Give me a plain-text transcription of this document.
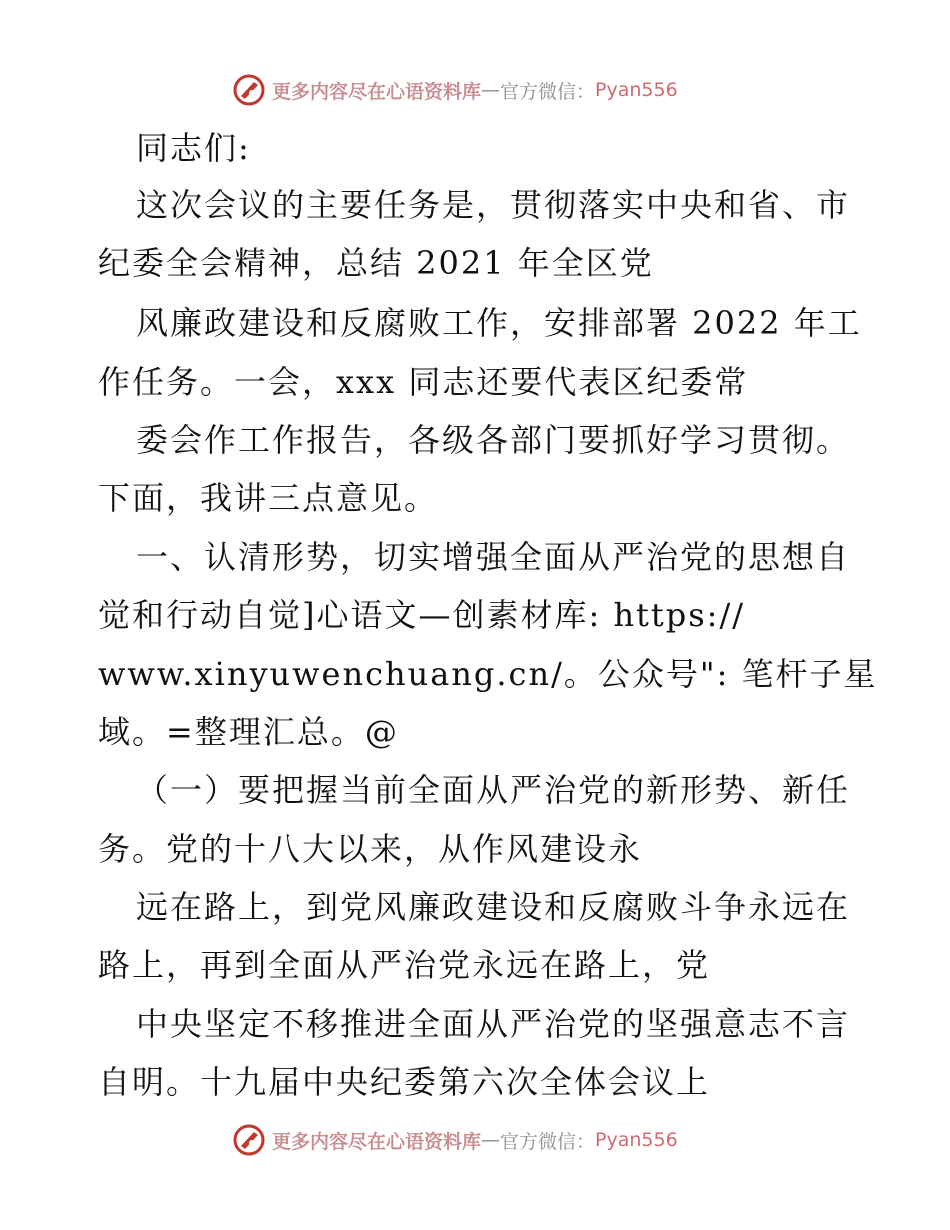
更多内容尽在心语资料库 — 官方微信： Pyan556
同志们:
这次会议的主要任务是，贯彻落实中央和省、市
纪委全会精神，总结 2021 年全区党
风廉政建设和反腐败工作，安排部署 2022 年工
作任务。一会，xxx 同志还要代表区纪委常
委会作工作报告，各级各部门要抓好学习贯彻。
下面，我讲三点意见。
一、认清形势，切实增强全面从严治党的思想自
觉和行动自觉]心语文—创素材库: https://
www.xinyuwenchuang.cn/。公众号": 笔杆子星
域。=整理汇总。@
（一）要把握当前全面从严治党的新形势、新任
务。党的十八大以来，从作风建设永
远在路上，到党风廉政建设和反腐败斗争永远在
路上，再到全面从严治党永远在路上，党
中央坚定不移推进全面从严治党的坚强意志不言
自明。十九届中央纪委第六次全体会议上
更多内容尽在心语资料库 — 官方微信： Pyan556
